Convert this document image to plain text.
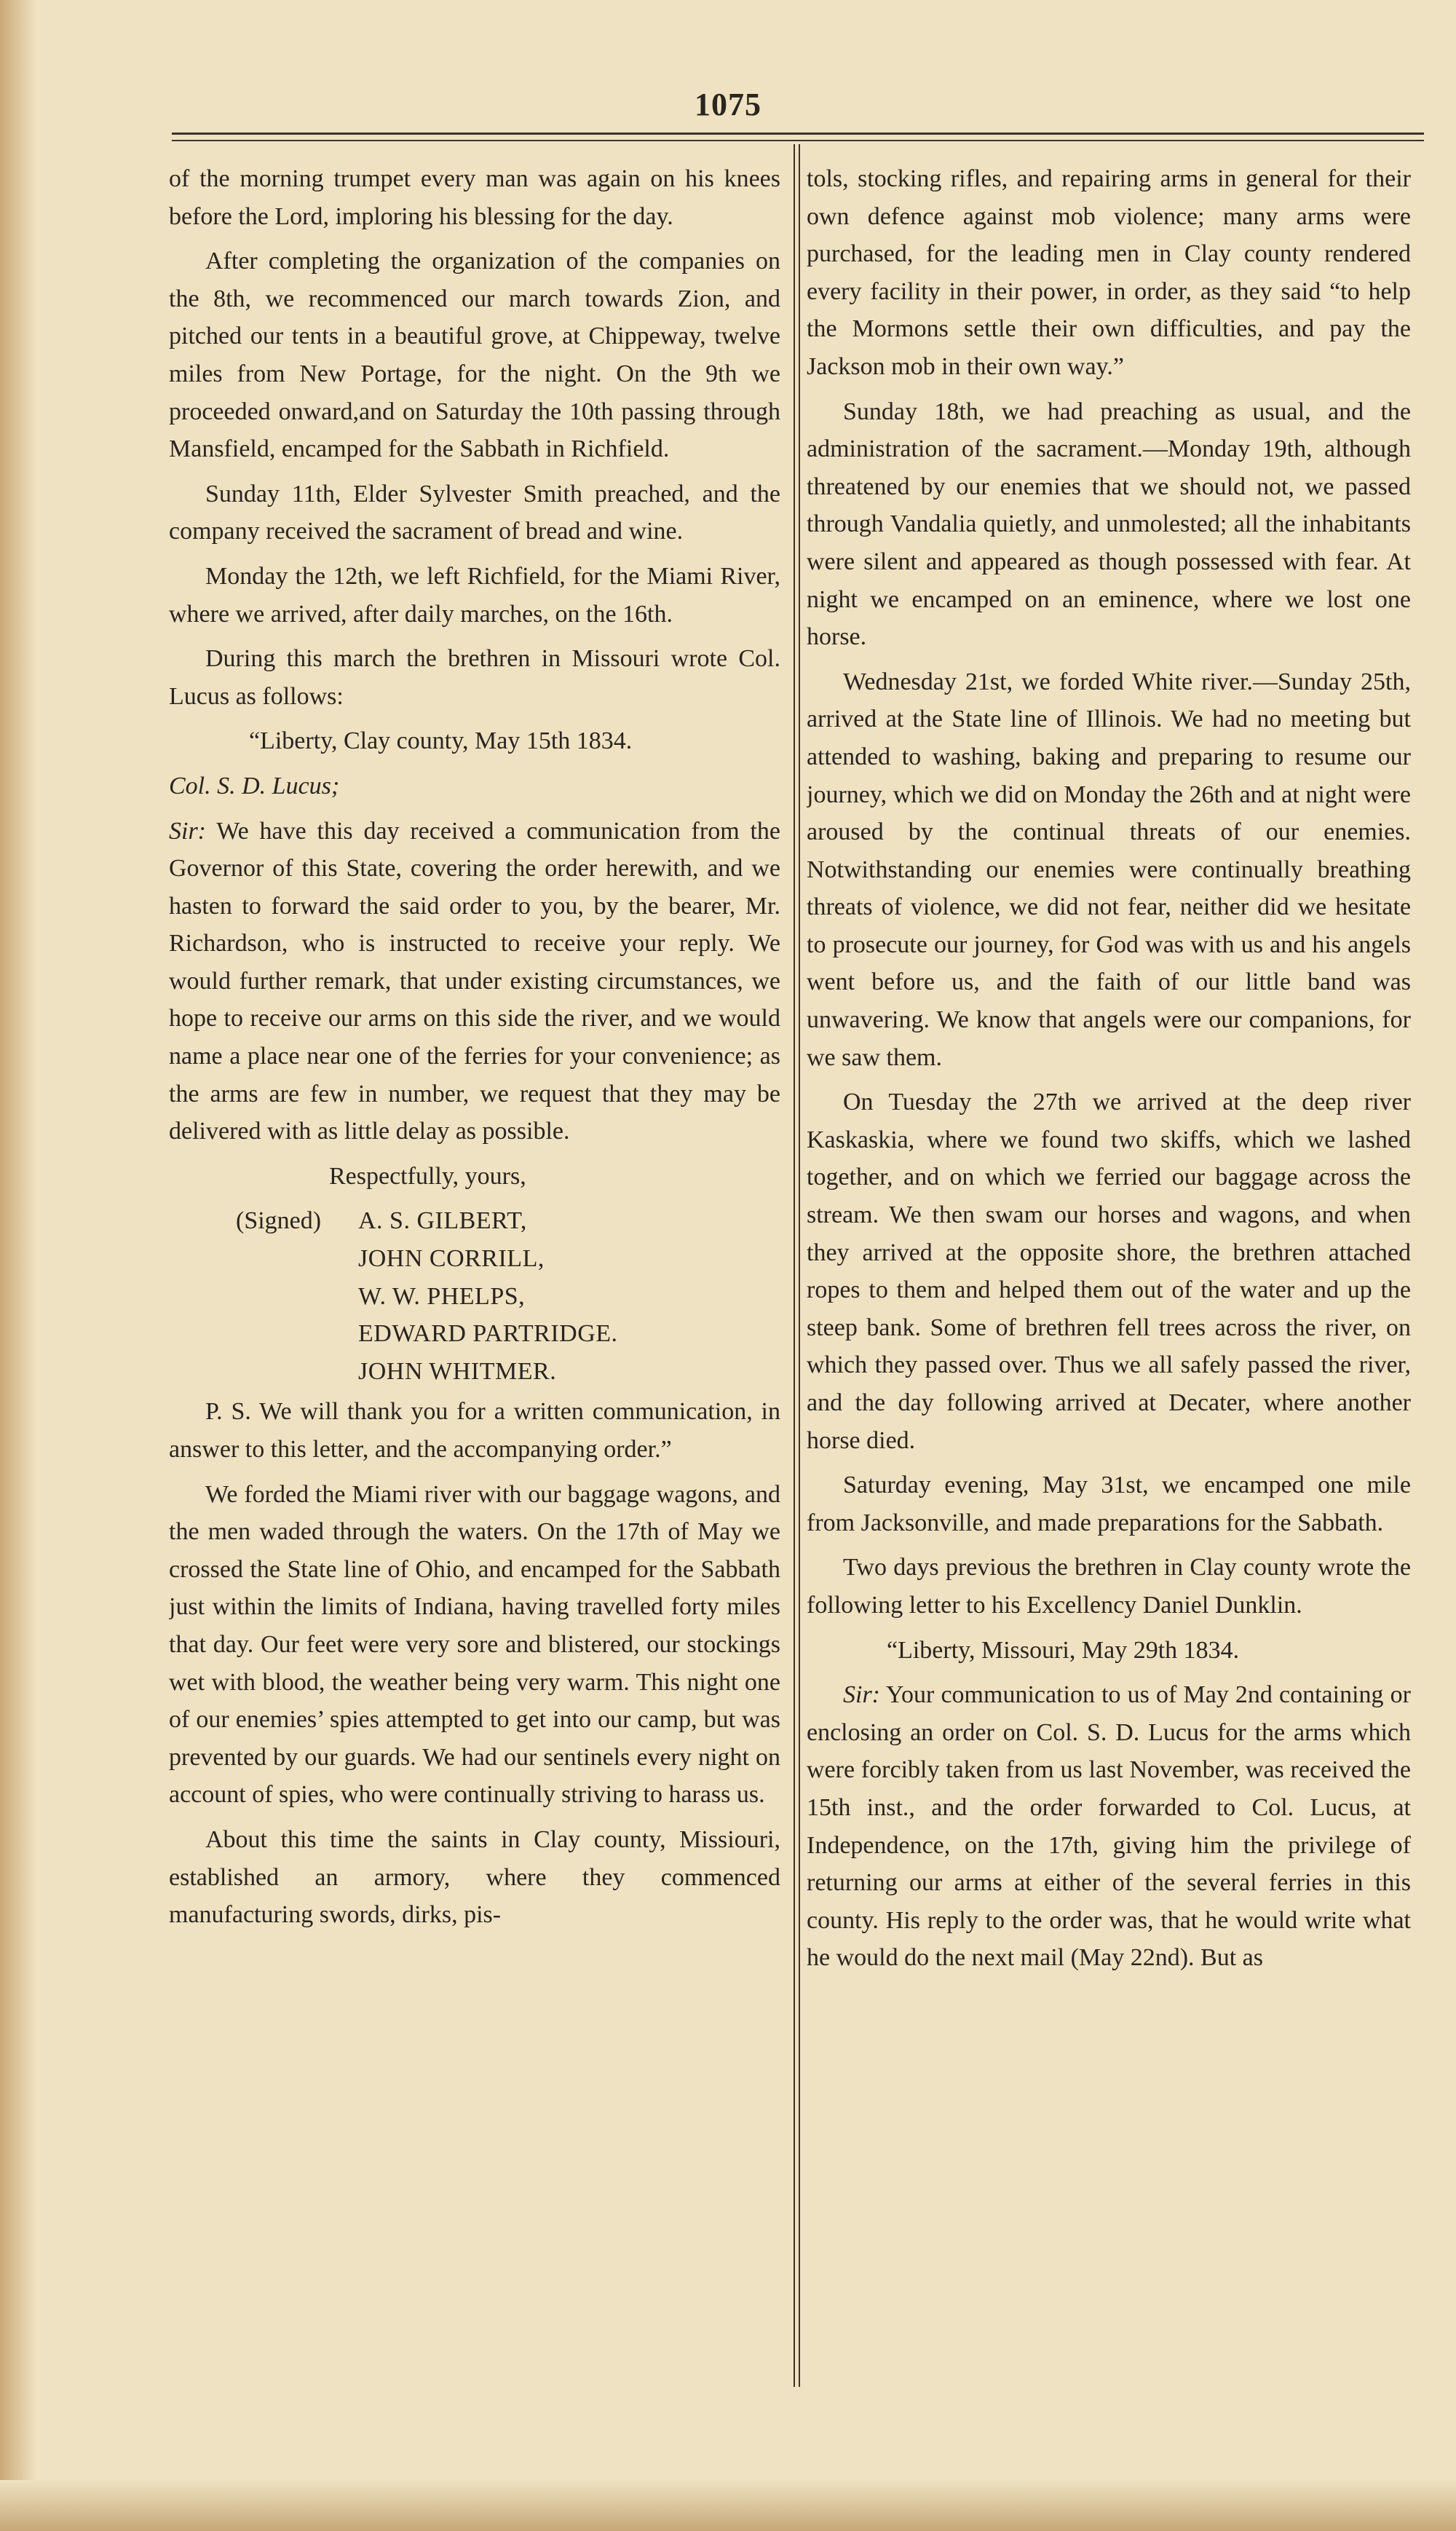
1075

of the morning trumpet every man was again on his knees before the Lord, imploring his blessing for the day.

After completing the organization of the companies on the 8th, we recommenced our march towards Zion, and pitched our tents in a beautiful grove, at Chippeway, twelve miles from New Portage, for the night. On the 9th we proceeded onward,and on Saturday the 10th passing through Mansfield, encamped for the Sabbath in Richfield.

Sunday 11th, Elder Sylvester Smith preached, and the company received the sacrament of bread and wine.

Monday the 12th, we left Richfield, for the Miami River, where we arrived, after daily marches, on the 16th.

During this march the brethren in Missouri wrote Col. Lucus as follows:

“Liberty, Clay county, May 15th 1834.

Col. S. D. Lucus;

Sir: We have this day received a communication from the Governor of this State, covering the order herewith, and we hasten to forward the said order to you, by the bearer, Mr. Richardson, who is instructed to receive your reply. We would further remark, that under existing circumstances, we hope to receive our arms on this side the river, and we would name a place near one of the ferries for your convenience; as the arms are few in number, we request that they may be delivered with as little delay as possible.

Respectfully, yours,

(Signed)	A. S. GILBERT,
JOHN CORRILL,
W. W. PHELPS,
EDWARD PARTRIDGE.
JOHN WHITMER.

P. S. We will thank you for a written communication, in answer to this letter, and the accompanying order.”

We forded the Miami river with our baggage wagons, and the men waded through the waters. On the 17th of May we crossed the State line of Ohio, and encamped for the Sabbath just within the limits of Indiana, having travelled forty miles that day. Our feet were very sore and blistered, our stockings wet with blood, the weather being very warm. This night one of our enemies’ spies attempted to get into our camp, but was prevented by our guards. We had our sentinels every night on account of spies, who were continually striving to harass us.

About this time the saints in Clay county, Missiouri, established an armory, where they commenced manufacturing swords, dirks, pis-

tols, stocking rifles, and repairing arms in general for their own defence against mob violence; many arms were purchased, for the leading men in Clay county rendered every facility in their power, in order, as they said “to help the Mormons settle their own difficulties, and pay the Jackson mob in their own way.”

Sunday 18th, we had preaching as usual, and the administration of the sacrament.—Monday 19th, although threatened by our enemies that we should not, we passed through Vandalia quietly, and unmolested; all the inhabitants were silent and appeared as though possessed with fear. At night we encamped on an eminence, where we lost one horse.

Wednesday 21st, we forded White river.—Sunday 25th, arrived at the State line of Illinois. We had no meeting but attended to washing, baking and preparing to resume our journey, which we did on Monday the 26th and at night were aroused by the continual threats of our enemies. Notwithstanding our enemies were continually breathing threats of violence, we did not fear, neither did we hesitate to prosecute our journey, for God was with us and his angels went before us, and the faith of our little band was unwavering. We know that angels were our companions, for we saw them.

On Tuesday the 27th we arrived at the deep river Kaskaskia, where we found two skiffs, which we lashed together, and on which we ferried our baggage across the stream. We then swam our horses and wagons, and when they arrived at the opposite shore, the brethren attached ropes to them and helped them out of the water and up the steep bank. Some of brethren fell trees across the river, on which they passed over. Thus we all safely passed the river, and the day following arrived at Decater, where another horse died.

Saturday evening, May 31st, we encamped one mile from Jacksonville, and made preparations for the Sabbath.

Two days previous the brethren in Clay county wrote the following letter to his Excellency Daniel Dunklin.

“Liberty, Missouri, May 29th 1834.

Sir: Your communication to us of May 2nd containing or enclosing an order on Col. S. D. Lucus for the arms which were forcibly taken from us last November, was received the 15th inst., and the order forwarded to Col. Lucus, at Independence, on the 17th, giving him the privilege of returning our arms at either of the several ferries in this county. His reply to the order was, that he would write what he would do the next mail (May 22nd). But as
